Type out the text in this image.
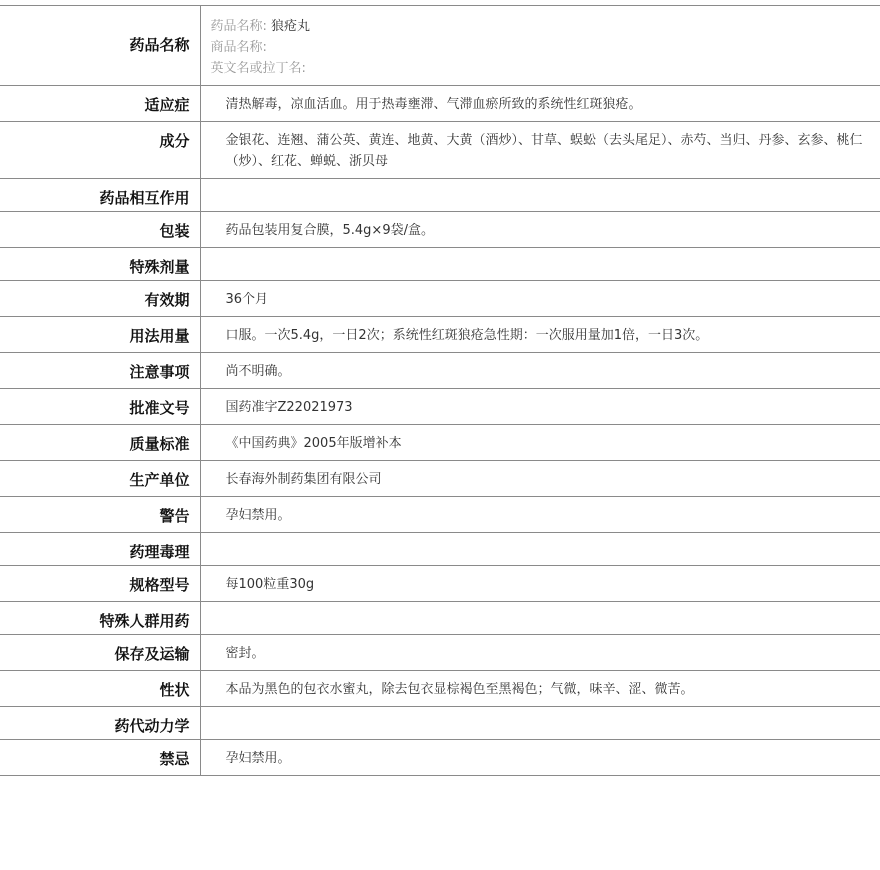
药品名称	药品名称: 狼疮丸
商品名称:
英文名或拉丁名:

适应症	清热解毒，凉血活血。用于热毒壅滞、气滞血瘀所致的系统性红斑狼疮。
成分	金银花、连翘、蒲公英、黄连、地黄、大黄（酒炒）、甘草、蜈蚣（去头尾足）、赤芍、当归、丹参、玄参、桃仁（炒）、红花、蝉蜕、浙贝母
药品相互作用	
包装	药品包装用复合膜，5.4g×9袋/盒。
特殊剂量	
有效期	36个月
用法用量	口服。一次5.4g，一日2次；系统性红斑狼疮急性期：一次服用量加1倍，一日3次。
注意事项	尚不明确。
批准文号	国药准字Z22021973
质量标准	《中国药典》2005年版增补本
生产单位	长春海外制药集团有限公司
警告	孕妇禁用。
药理毒理	
规格型号	每100粒重30g
特殊人群用药	
保存及运输	密封。
性状	本品为黑色的包衣水蜜丸，除去包衣显棕褐色至黑褐色；气微，味辛、涩、微苦。
药代动力学	
禁忌	孕妇禁用。
